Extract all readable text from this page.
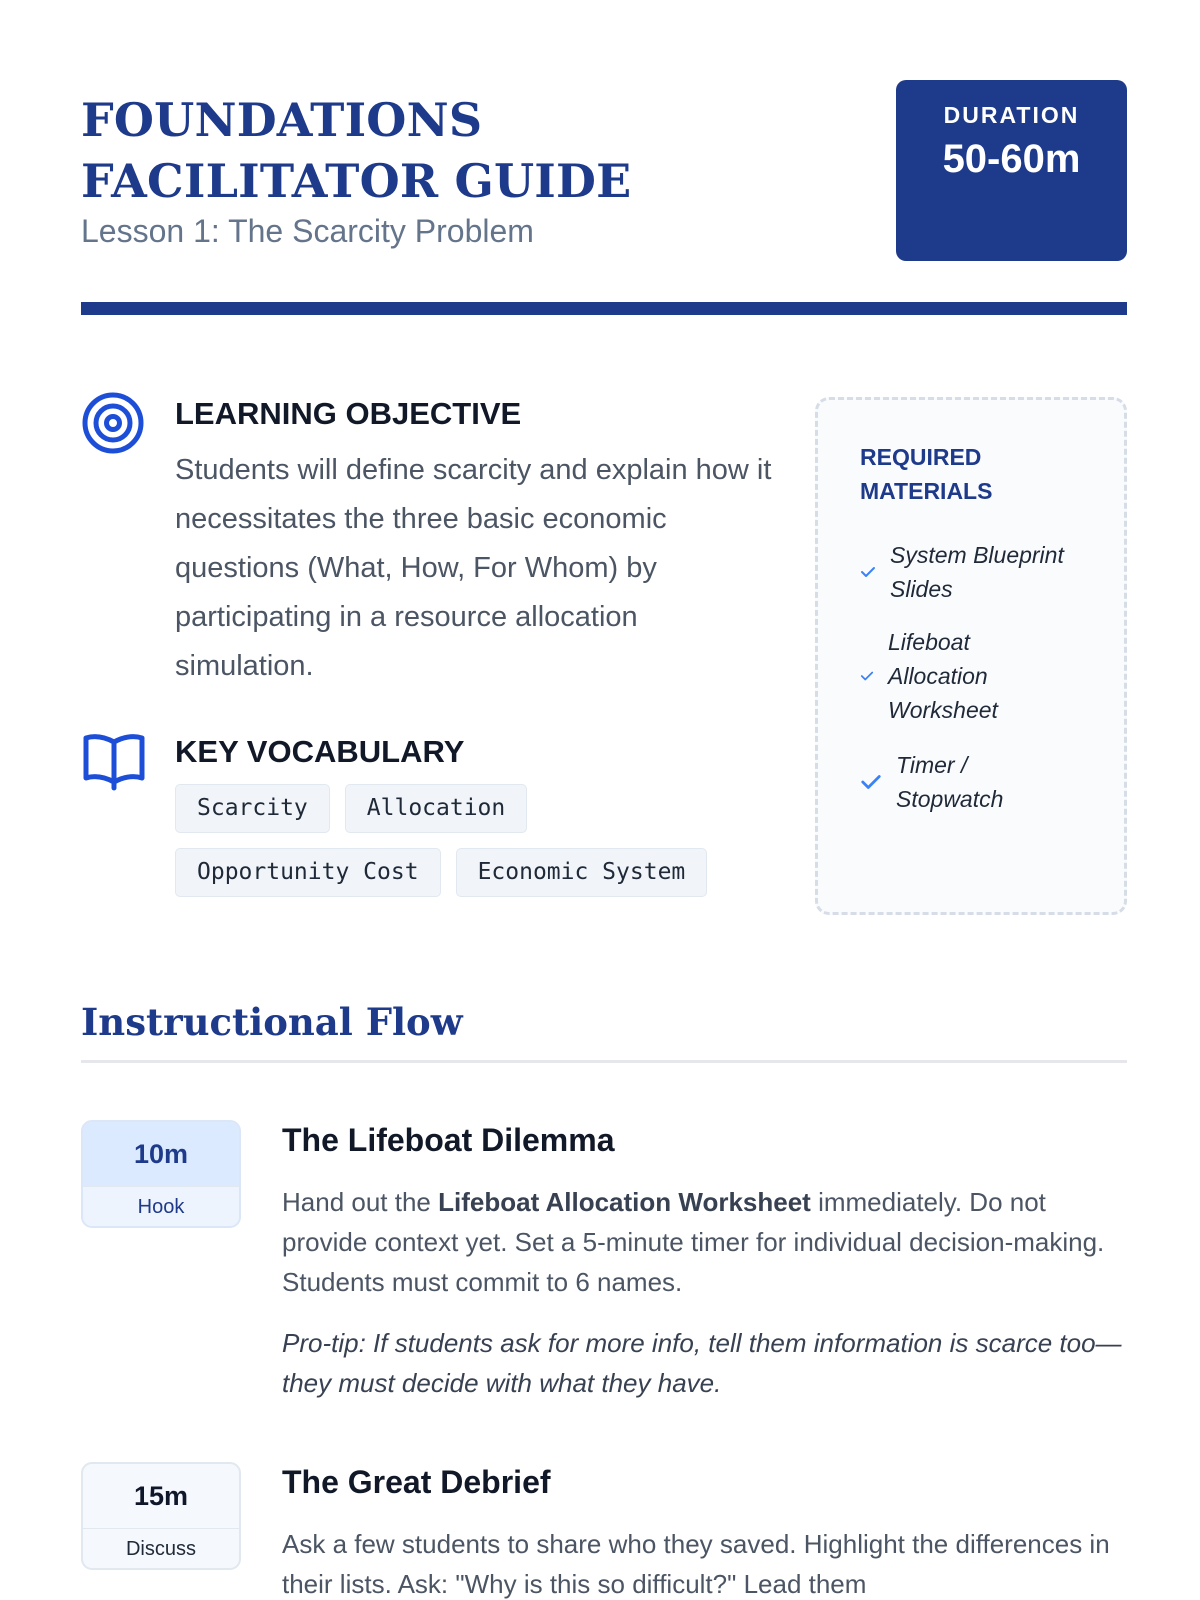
FOUNDATIONS FACILITATOR GUIDE
Lesson 1: The Scarcity Problem
DURATION
50-60m
LEARNING OBJECTIVE
Students will define scarcity and explain how it necessitates the three basic economic questions (What, How, For Whom) by participating in a resource allocation simulation.
KEY VOCABULARY
Scarcity	Allocation
Opportunity Cost	Economic System
REQUIRED MATERIALS
System Blueprint Slides
Lifeboat Allocation Worksheet
Timer / Stopwatch
Instructional Flow
10m
Hook
The Lifeboat Dilemma
Hand out the Lifeboat Allocation Worksheet immediately. Do not provide context yet. Set a 5-minute timer for individual decision-making. Students must commit to 6 names.
Pro-tip: If students ask for more info, tell them information is scarce too—they must decide with what they have.
15m
Discuss
The Great Debrief
Ask a few students to share who they saved. Highlight the differences in their lists. Ask: "Why is this so difficult?" Lead them
